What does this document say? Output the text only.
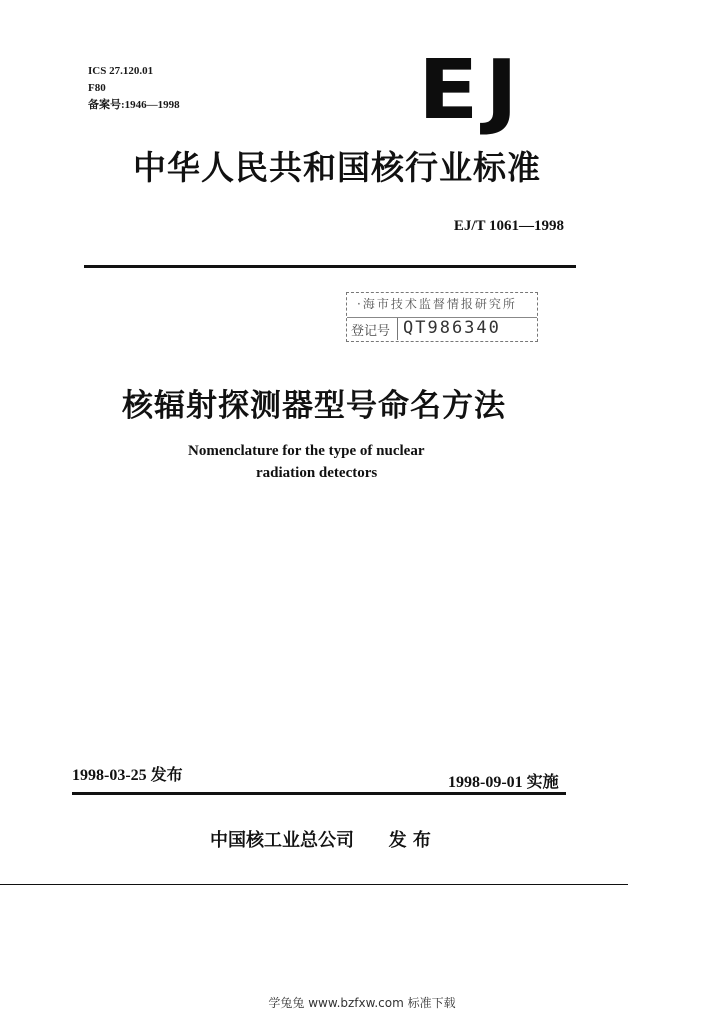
ICS 27.120.01
F80
备案号:1946—1998	EJ
中华人民共和国核行业标准
EJ/T 1061—1998
·海市技术监督情报研究所
登记号 QT986340
核辐射探测器型号命名方法
Nomenclature for the type of nuclear
radiation detectors
1998-03-25 发布	1998-09-01 实施
中国核工业总公司 发 布
学兔兔 www.bzfxw.com 标准下载
